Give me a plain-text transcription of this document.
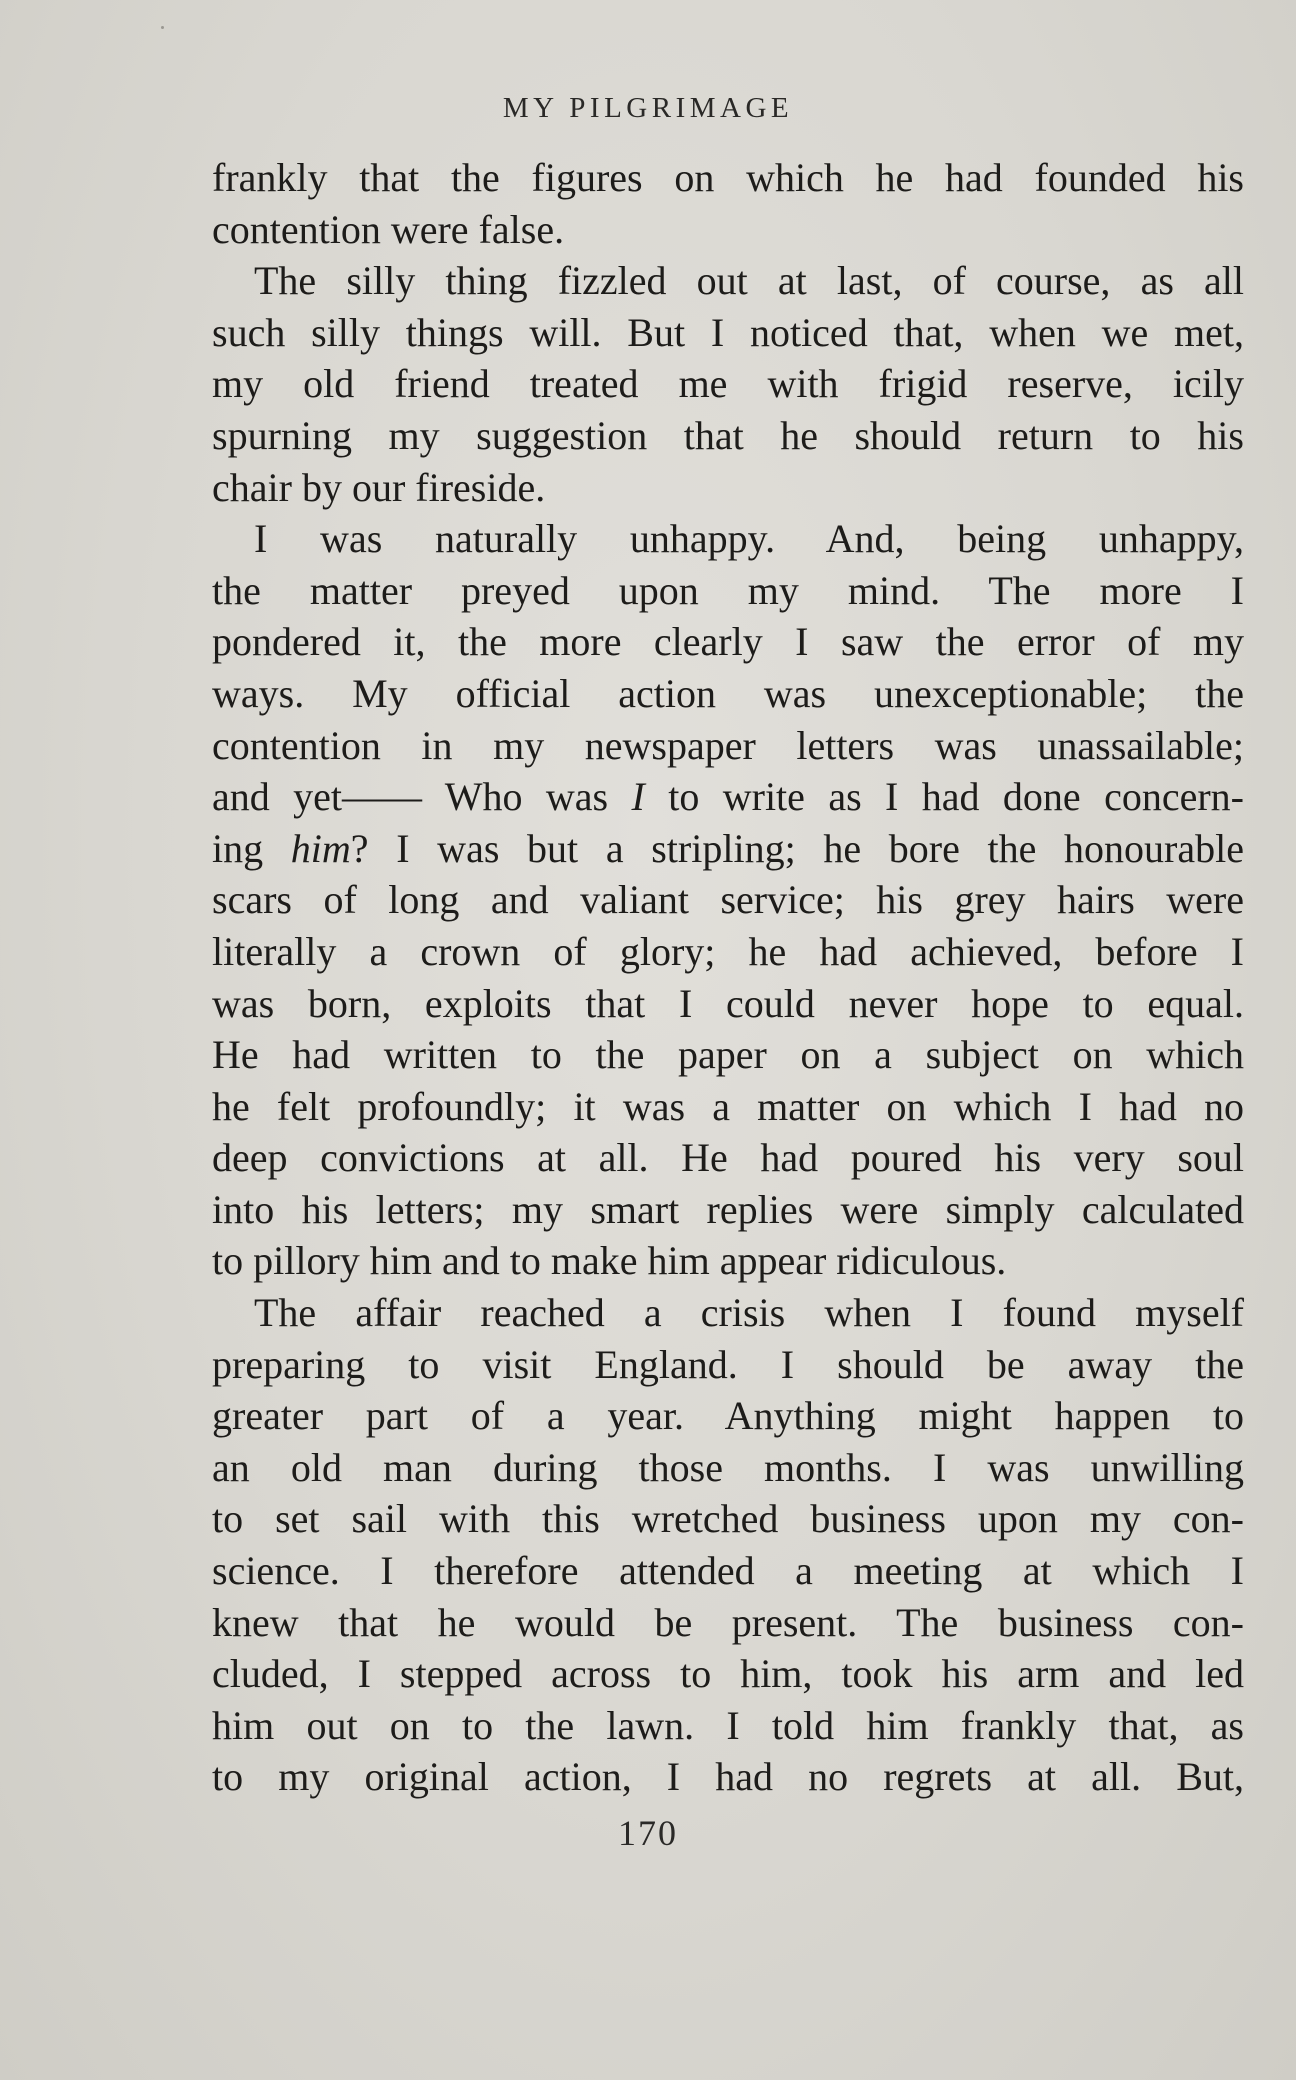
MY PILGRIMAGE
frankly that the figures on which he had founded his
contention were false.
The silly thing fizzled out at last, of course, as all
such silly things will. But I noticed that, when we met,
my old friend treated me with frigid reserve, icily
spurning my suggestion that he should return to his
chair by our fireside.
I was naturally unhappy. And, being unhappy,
the matter preyed upon my mind. The more I
pondered it, the more clearly I saw the error of my
ways. My official action was unexceptionable; the
contention in my newspaper letters was unassailable;
and yet—— Who was I to write as I had done concern-
ing him? I was but a stripling; he bore the honourable
scars of long and valiant service; his grey hairs were
literally a crown of glory; he had achieved, before I
was born, exploits that I could never hope to equal.
He had written to the paper on a subject on which
he felt profoundly; it was a matter on which I had no
deep convictions at all. He had poured his very soul
into his letters; my smart replies were simply calculated
to pillory him and to make him appear ridiculous.
The affair reached a crisis when I found myself
preparing to visit England. I should be away the
greater part of a year. Anything might happen to
an old man during those months. I was unwilling
to set sail with this wretched business upon my con-
science. I therefore attended a meeting at which I
knew that he would be present. The business con-
cluded, I stepped across to him, took his arm and led
him out on to the lawn. I told him frankly that, as
to my original action, I had no regrets at all. But,
170
